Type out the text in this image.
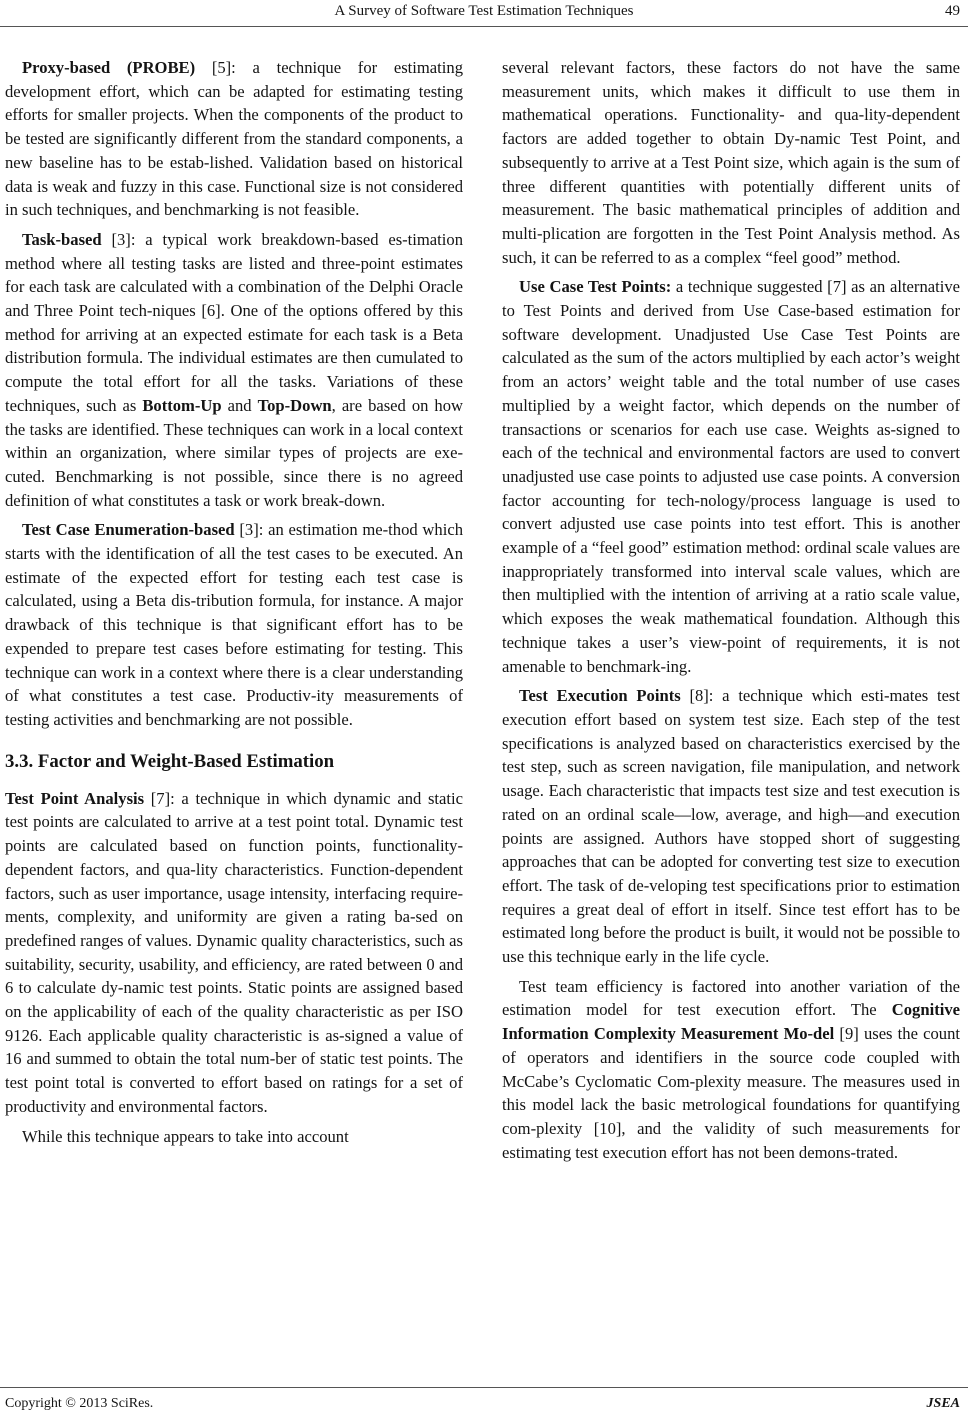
A Survey of Software Test Estimation Techniques	49

Proxy-based (PROBE) [5]: a technique for estimating development effort, which can be adapted for estimating testing efforts for smaller projects. When the components of the product to be tested are significantly different from the standard components, a new baseline has to be estab-lished. Validation based on historical data is weak and fuzzy in this case. Functional size is not considered in such techniques, and benchmarking is not feasible.

Task-based [3]: a typical work breakdown-based es-timation method where all testing tasks are listed and three-point estimates for each task are calculated with a combination of the Delphi Oracle and Three Point tech-niques [6]. One of the options offered by this method for arriving at an expected estimate for each task is a Beta distribution formula. The individual estimates are then cumulated to compute the total effort for all the tasks. Variations of these techniques, such as Bottom-Up and Top-Down, are based on how the tasks are identified. These techniques can work in a local context within an organization, where similar types of projects are exe-cuted. Benchmarking is not possible, since there is no agreed definition of what constitutes a task or work break-down.

Test Case Enumeration-based [3]: an estimation me-thod which starts with the identification of all the test cases to be executed. An estimate of the expected effort for testing each test case is calculated, using a Beta dis-tribution formula, for instance. A major drawback of this technique is that significant effort has to be expended to prepare test cases before estimating for testing. This technique can work in a context where there is a clear understanding of what constitutes a test case. Productiv-ity measurements of testing activities and benchmarking are not possible.

3.3. Factor and Weight-Based Estimation

Test Point Analysis [7]: a technique in which dynamic and static test points are calculated to arrive at a test point total. Dynamic test points are calculated based on function points, functionality-dependent factors, and qua-lity characteristics. Function-dependent factors, such as user importance, usage intensity, interfacing require-ments, complexity, and uniformity are given a rating ba-sed on predefined ranges of values. Dynamic quality characteristics, such as suitability, security, usability, and efficiency, are rated between 0 and 6 to calculate dy-namic test points. Static points are assigned based on the applicability of each of the quality characteristic as per ISO 9126. Each applicable quality characteristic is as-signed a value of 16 and summed to obtain the total num-ber of static test points. The test point total is converted to effort based on ratings for a set of productivity and environmental factors.

While this technique appears to take into account

several relevant factors, these factors do not have the same measurement units, which makes it difficult to use them in mathematical operations. Functionality- and qua-lity-dependent factors are added together to obtain Dy-namic Test Point, and subsequently to arrive at a Test Point size, which again is the sum of three different quantities with potentially different units of measurement. The basic mathematical principles of addition and multi-plication are forgotten in the Test Point Analysis method. As such, it can be referred to as a complex “feel good” method.

Use Case Test Points: a technique suggested [7] as an alternative to Test Points and derived from Use Case-based estimation for software development. Unadjusted Use Case Test Points are calculated as the sum of the actors multiplied by each actor’s weight from an actors’ weight table and the total number of use cases multiplied by a weight factor, which depends on the number of transactions or scenarios for each use case. Weights as-signed to each of the technical and environmental factors are used to convert unadjusted use case points to adjusted use case points. A conversion factor accounting for tech-nology/process language is used to convert adjusted use case points into test effort. This is another example of a “feel good” estimation method: ordinal scale values are inappropriately transformed into interval scale values, which are then multiplied with the intention of arriving at a ratio scale value, which exposes the weak mathematical foundation. Although this technique takes a user’s view-point of requirements, it is not amenable to benchmark-ing.

Test Execution Points [8]: a technique which esti-mates test execution effort based on system test size. Each step of the test specifications is analyzed based on characteristics exercised by the test step, such as screen navigation, file manipulation, and network usage. Each characteristic that impacts test size and test execution is rated on an ordinal scale—low, average, and high—and execution points are assigned. Authors have stopped short of suggesting approaches that can be adopted for converting test size to execution effort. The task of de-veloping test specifications prior to estimation requires a great deal of effort in itself. Since test effort has to be estimated long before the product is built, it would not be possible to use this technique early in the life cycle.

Test team efficiency is factored into another variation of the estimation model for test execution effort. The Cognitive Information Complexity Measurement Mo-del [9] uses the count of operators and identifiers in the source code coupled with McCabe’s Cyclomatic Com-plexity measure. The measures used in this model lack the basic metrological foundations for quantifying com-plexity [10], and the validity of such measurements for estimating test execution effort has not been demons-trated.

Copyright © 2013 SciRes.	JSEA
